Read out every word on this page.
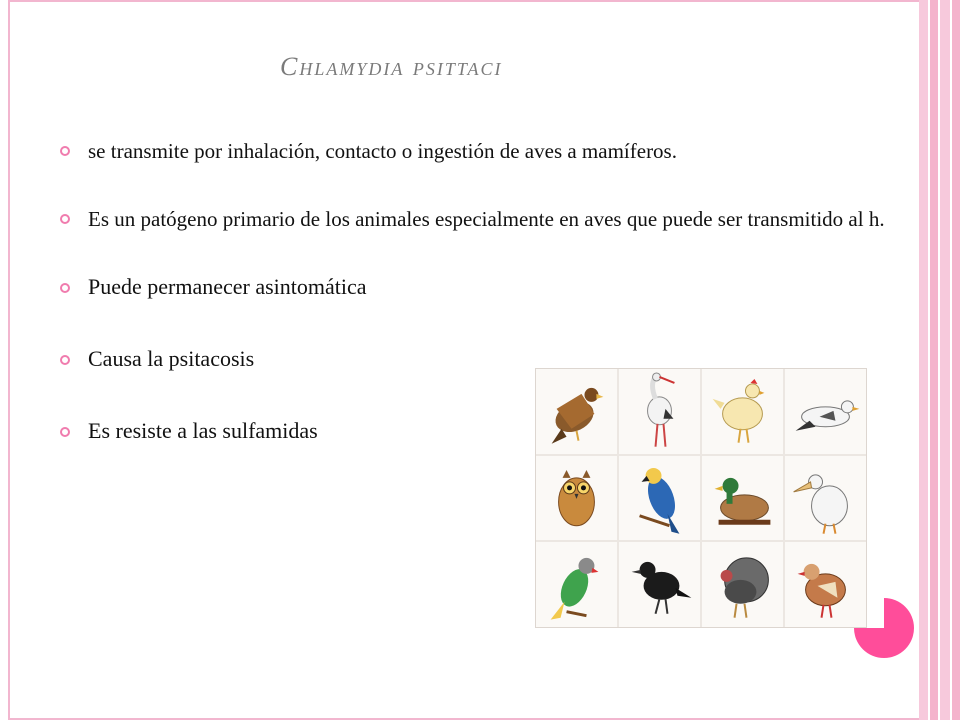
Chlamydia psittaci
se transmite por inhalación, contacto o ingestión de aves a mamíferos.
Es un patógeno primario de los animales especialmente en aves que puede ser transmitido al h.
Puede permanecer asintomática
Causa la psitacosis
Es resiste a las sulfamidas
